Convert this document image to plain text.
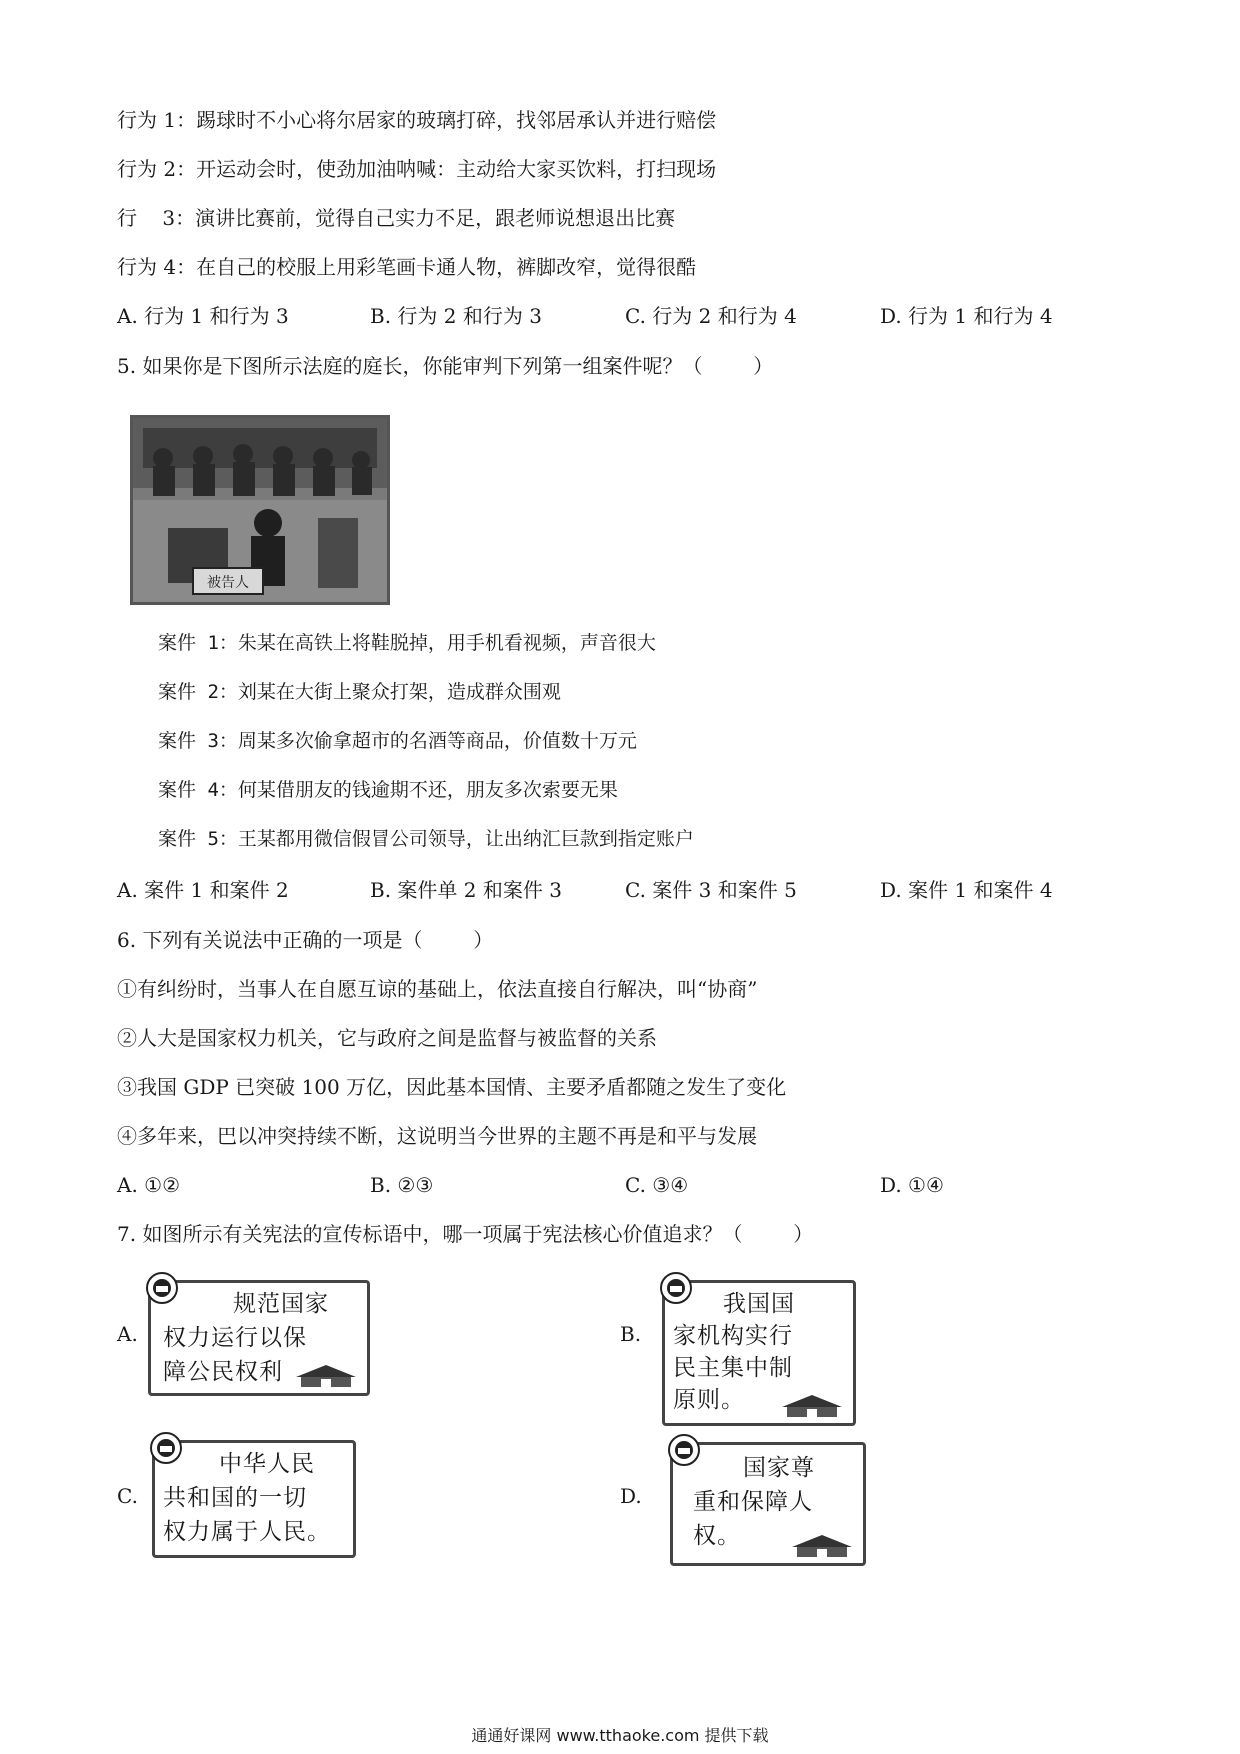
行为 1：踢球时不小心将尔居家的玻璃打碎，找邻居承认并进行赔偿
行为 2：开运动会时，使劲加油呐喊：主动给大家买饮料，打扫现场
行    3：演讲比赛前，觉得自己实力不足，跟老师说想退出比赛
行为 4：在自己的校服上用彩笔画卡通人物，裤脚改窄，觉得很酷
A. 行为 1 和行为 3	B. 行为 2 和行为 3	C. 行为 2 和行为 4	D. 行为 1 和行为 4
5. 如果你是下图所示法庭的庭长，你能审判下列第一组案件呢？（        ）
被告人
案件 1：朱某在高铁上将鞋脱掉，用手机看视频，声音很大
案件 2：刘某在大街上聚众打架，造成群众围观
案件 3：周某多次偷拿超市的名酒等商品，价值数十万元
案件 4：何某借朋友的钱逾期不还，朋友多次索要无果
案件 5：王某都用微信假冒公司领导，让出纳汇巨款到指定账户
A. 案件 1 和案件 2	B. 案件单 2 和案件 3	C. 案件 3 和案件 5	D. 案件 1 和案件 4
6. 下列有关说法中正确的一项是（        ）
①有纠纷时，当事人在自愿互谅的基础上，依法直接自行解决，叫“协商”
②人大是国家权力机关，它与政府之间是监督与被监督的关系
③我国 GDP 已突破 100 万亿，因此基本国情、主要矛盾都随之发生了变化
④多年来，巴以冲突持续不断，这说明当今世界的主题不再是和平与发展
A. ①②	B. ②③	C. ③④	D. ①④
7. 如图所示有关宪法的宣传标语中，哪一项属于宪法核心价值追求？（        ）
A.
规范国家
权力运行以保
障公民权利
B.
我国国
家机构实行
民主集中制
原则。
C.
中华人民
共和国的一切
权力属于人民。
D.
国家尊
重和保障人
权。
通通好课网 www.tthaoke.com 提供下载
